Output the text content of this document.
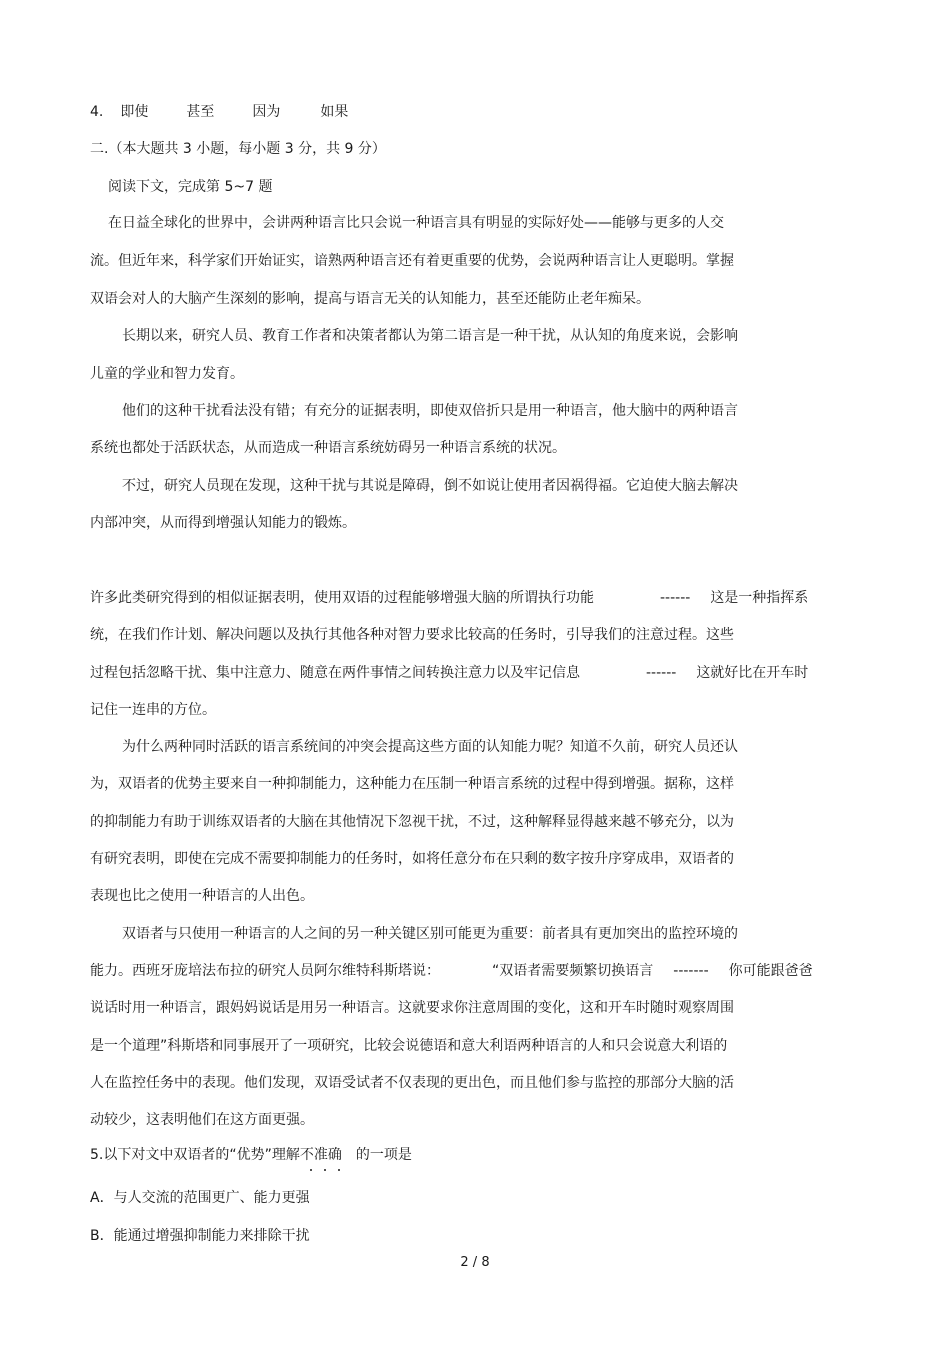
4. 即使	甚至	因为	如果
二.（本大题共 3 小题，每小题 3 分，共 9 分）
阅读下文，完成第 5~7 题
在日益全球化的世界中，会讲两种语言比只会说一种语言具有明显的实际好处——能够与更多的人交
流。但近年来，科学家们开始证实，谙熟两种语言还有着更重要的优势，会说两种语言让人更聪明。掌握
双语会对人的大脑产生深刻的影响，提高与语言无关的认知能力，甚至还能防止老年痴呆。
长期以来，研究人员、教育工作者和决策者都认为第二语言是一种干扰，从认知的角度来说，会影响
儿童的学业和智力发育。
他们的这种干扰看法没有错；有充分的证据表明，即使双倍折只是用一种语言，他大脑中的两种语言
系统也都处于活跃状态，从而造成一种语言系统妨碍另一种语言系统的状况。
不过，研究人员现在发现，这种干扰与其说是障碍，倒不如说让使用者因祸得福。它迫使大脑去解决
内部冲突，从而得到增强认知能力的锻炼。
许多此类研究得到的相似证据表明，使用双语的过程能够增强大脑的所谓执行功能	------ 这是一种指挥系
统，在我们作计划、解决问题以及执行其他各种对智力要求比较高的任务时，引导我们的注意过程。这些
过程包括忽略干扰、集中注意力、随意在两件事情之间转换注意力以及牢记信息	------ 这就好比在开车时
记住一连串的方位。
为什么两种同时活跃的语言系统间的冲突会提高这些方面的认知能力呢？知道不久前，研究人员还认
为，双语者的优势主要来自一种抑制能力，这种能力在压制一种语言系统的过程中得到增强。据称，这样
的抑制能力有助于训练双语者的大脑在其他情况下忽视干扰，不过，这种解释显得越来越不够充分，以为
有研究表明，即使在完成不需要抑制能力的任务时，如将任意分布在只剩的数字按升序穿成串，双语者的
表现也比之使用一种语言的人出色。
双语者与只使用一种语言的人之间的另一种关键区别可能更为重要：前者具有更加突出的监控环境的
能力。西班牙庞培法布拉的研究人员阿尔维特科斯塔说：	“双语者需要频繁切换语言 ------- 你可能跟爸爸
说话时用一种语言，跟妈妈说话是用另一种语言。这就要求你注意周围的变化，这和开车时随时观察周围
是一个道理”科斯塔和同事展开了一项研究，比较会说德语和意大利语两种语言的人和只会说意大利语的
人在监控任务中的表现。他们发现，双语受试者不仅表现的更出色，而且他们参与监控的那部分大脑的活
动较少，这表明他们在这方面更强。
5.以下对文中双语者的“优势”理解不准确 的一项是
A．与人交流的范围更广、能力更强
B．能通过增强抑制能力来排除干扰
2 / 8
